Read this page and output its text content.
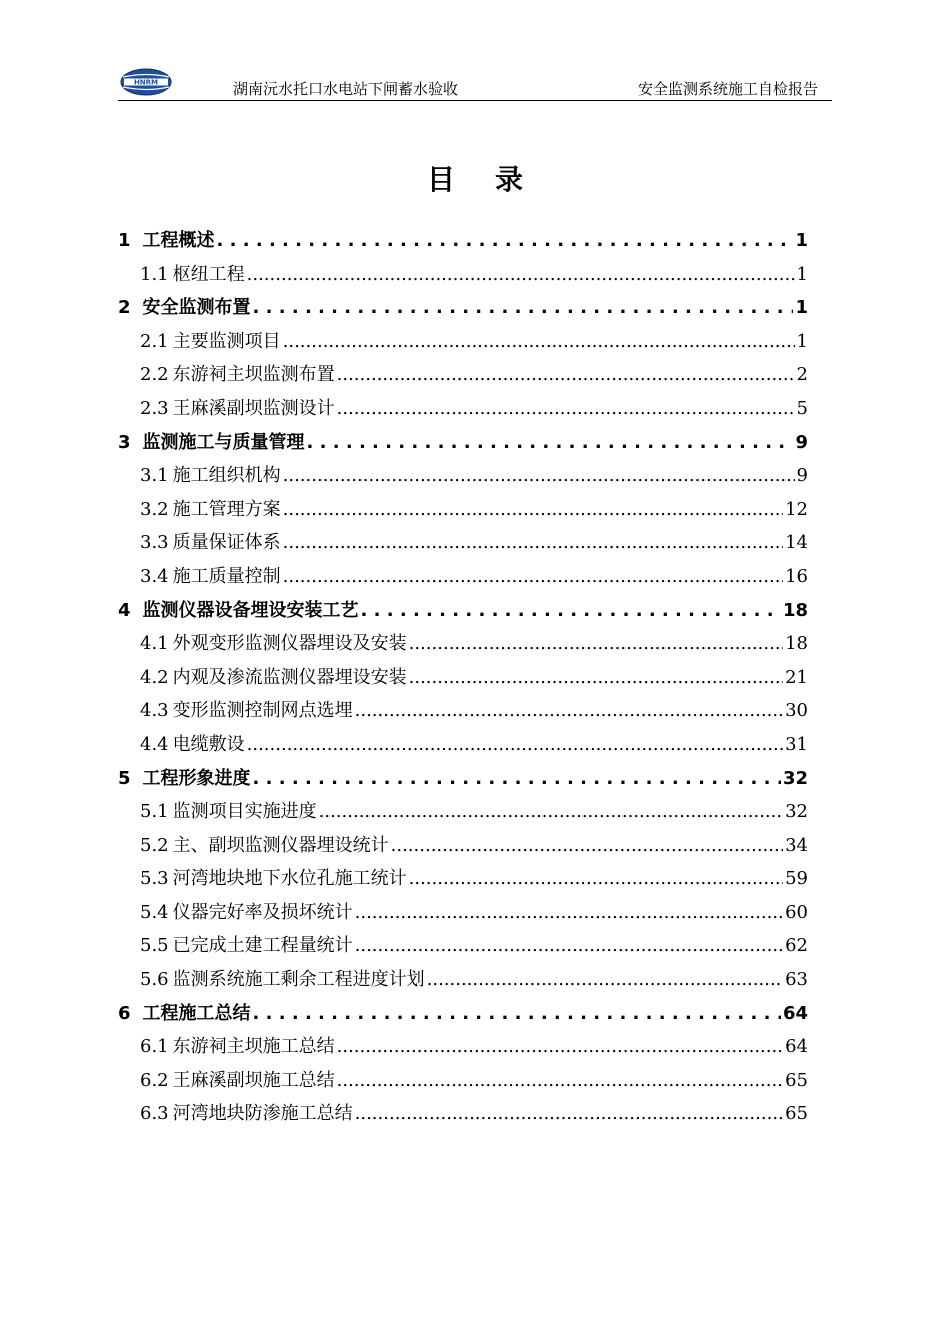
HNRM	湖南沅水托口水电站下闸蓄水验收	安全监测系统施工自检报告
目录
1 工程概述 . . .	1
1.1 枢纽工程 .....	1
2 安全监测布置 . . .	1
2.1 主要监测项目 .....	1
2.2 东游祠主坝监测布置 .....	2
2.3 王麻溪副坝监测设计 .....	5
3 监测施工与质量管理 . . .	9
3.1 施工组织机构 .....	9
3.2 施工管理方案 .....	12
3.3 质量保证体系 .....	14
3.4 施工质量控制 .....	16
4 监测仪器设备埋设安装工艺 . . .	18
4.1 外观变形监测仪器埋设及安装 .....	18
4.2 内观及渗流监测仪器埋设安装 .....	21
4.3 变形监测控制网点选埋 .....	30
4.4 电缆敷设 .....	31
5 工程形象进度 . . .	32
5.1 监测项目实施进度 .....	32
5.2 主、副坝监测仪器埋设统计 .....	34
5.3 河湾地块地下水位孔施工统计 .....	59
5.4 仪器完好率及损坏统计 .....	60
5.5 已完成土建工程量统计 .....	62
5.6 监测系统施工剩余工程进度计划 .....	63
6 工程施工总结 . . .	64
6.1 东游祠主坝施工总结 .....	64
6.2 王麻溪副坝施工总结 .....	65
6.3 河湾地块防渗施工总结 .....	65
